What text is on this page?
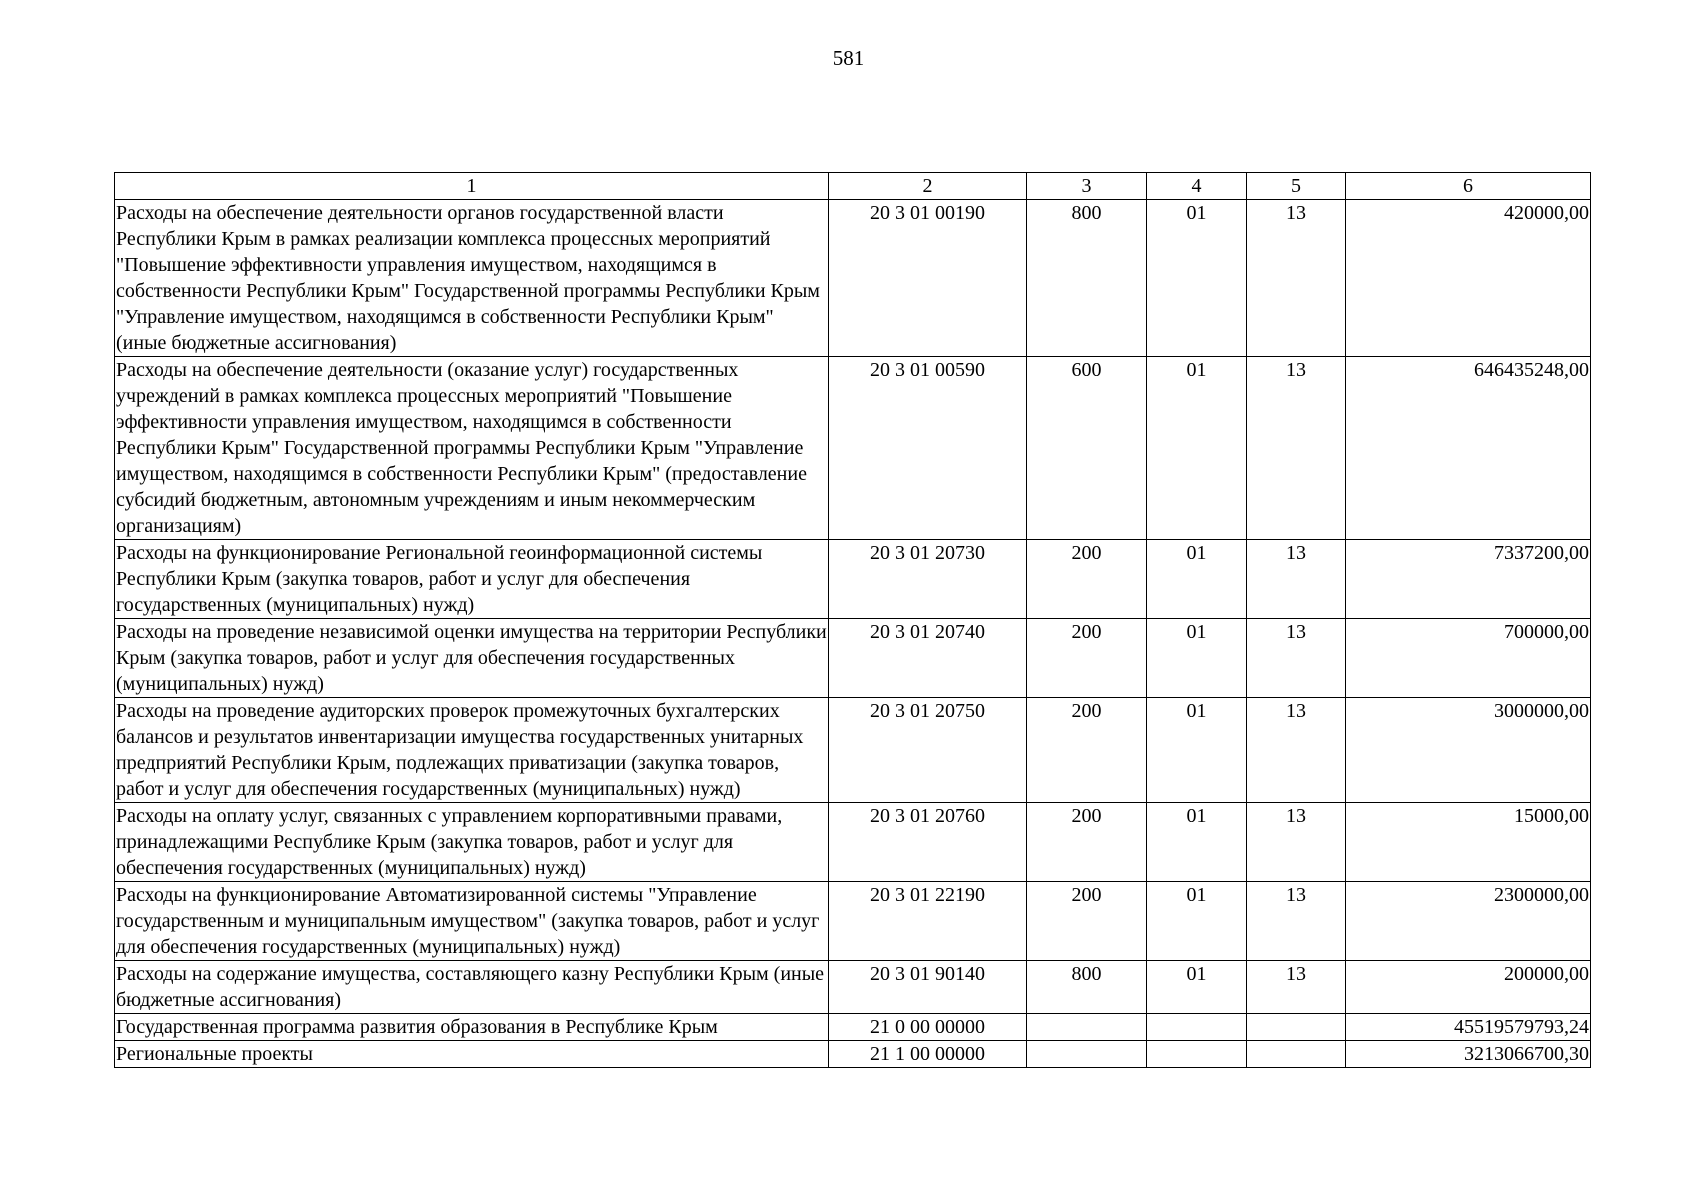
581
1	2	3	4	5	6
Расходы на обеспечение деятельности органов государственной власти Республики Крым в рамках реализации комплекса процессных мероприятий "Повышение эффективности управления имуществом, находящимся в собственности Республики Крым" Государственной программы Республики Крым "Управление имуществом, находящимся в собственности Республики Крым" (иные бюджетные ассигнования)	20 3 01 00190	800	01	13	420000,00
Расходы на обеспечение деятельности (оказание услуг) государственных учреждений в рамках комплекса процессных мероприятий "Повышение эффективности управления имуществом, находящимся в собственности Республики Крым" Государственной программы Республики Крым "Управление имуществом, находящимся в собственности Республики Крым" (предоставление субсидий бюджетным, автономным учреждениям и иным некоммерческим организациям)	20 3 01 00590	600	01	13	646435248,00
Расходы на функционирование Региональной геоинформационной системы Республики Крым (закупка товаров, работ и услуг для обеспечения государственных (муниципальных) нужд)	20 3 01 20730	200	01	13	7337200,00
Расходы на проведение независимой оценки имущества на территории Республики Крым (закупка товаров, работ и услуг для обеспечения государственных (муниципальных) нужд)	20 3 01 20740	200	01	13	700000,00
Расходы на проведение аудиторских проверок промежуточных бухгалтерских балансов и результатов инвентаризации имущества государственных унитарных предприятий Республики Крым, подлежащих приватизации (закупка товаров, работ и услуг для обеспечения государственных (муниципальных) нужд)	20 3 01 20750	200	01	13	3000000,00
Расходы на оплату услуг, связанных с управлением корпоративными правами, принадлежащими Республике Крым (закупка товаров, работ и услуг для обеспечения государственных (муниципальных) нужд)	20 3 01 20760	200	01	13	15000,00
Расходы на функционирование Автоматизированной системы "Управление государственным и муниципальным имуществом" (закупка товаров, работ и услуг для обеспечения государственных (муниципальных) нужд)	20 3 01 22190	200	01	13	2300000,00
Расходы на содержание имущества, составляющего казну Республики Крым (иные бюджетные ассигнования)	20 3 01 90140	800	01	13	200000,00
Государственная программа развития образования в Республике Крым	21 0 00 00000				45519579793,24
Региональные проекты	21 1 00 00000				3213066700,30
